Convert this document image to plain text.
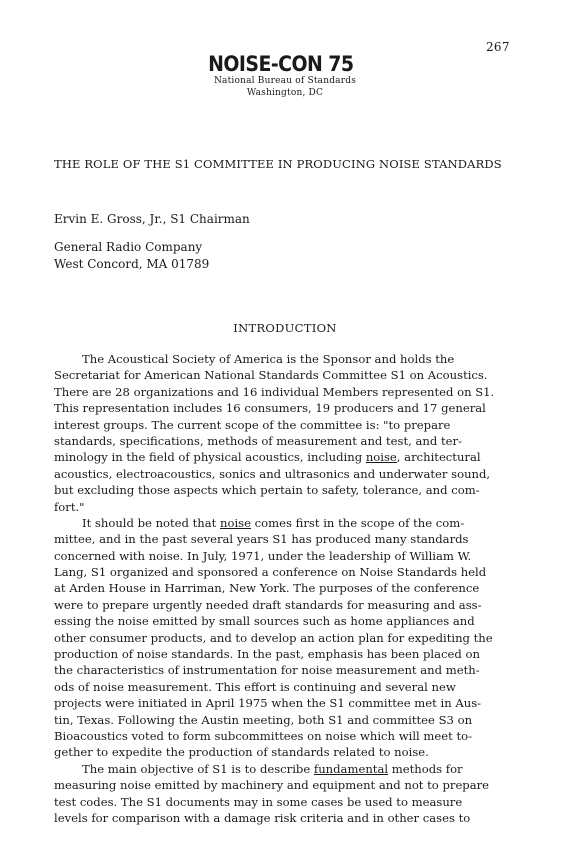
267
NOISE-CON 75
National Bureau of Standards
Washington, DC
THE ROLE OF THE S1 COMMITTEE IN PRODUCING NOISE STANDARDS
Ervin E. Gross, Jr., S1 Chairman
General Radio Company
West Concord, MA 01789
INTRODUCTION
The Acoustical Society of America is the Sponsor and holds the
Secretariat for American National Standards Committee S1 on Acoustics.
There are 28 organizations and 16 individual Members represented on S1.
This representation includes 16 consumers, 19 producers and 17 general
interest groups. The current scope of the committee is: "to prepare
standards, specifications, methods of measurement and test, and ter-
minology in the field of physical acoustics, including noise, architectural
acoustics, electroacoustics, sonics and ultrasonics and underwater sound,
but excluding those aspects which pertain to safety, tolerance, and com-
fort."
It should be noted that noise comes first in the scope of the com-
mittee, and in the past several years S1 has produced many standards
concerned with noise. In July, 1971, under the leadership of William W.
Lang, S1 organized and sponsored a conference on Noise Standards held
at Arden House in Harriman, New York. The purposes of the conference
were to prepare urgently needed draft standards for measuring and ass-
essing the noise emitted by small sources such as home appliances and
other consumer products, and to develop an action plan for expediting the
production of noise standards. In the past, emphasis has been placed on
the characteristics of instrumentation for noise measurement and meth-
ods of noise measurement. This effort is continuing and several new
projects were initiated in April 1975 when the S1 committee met in Aus-
tin, Texas. Following the Austin meeting, both S1 and committee S3 on
Bioacoustics voted to form subcommittees on noise which will meet to-
gether to expedite the production of standards related to noise.
The main objective of S1 is to describe fundamental methods for
measuring noise emitted by machinery and equipment and not to prepare
test codes. The S1 documents may in some cases be used to measure
levels for comparison with a damage risk criteria and in other cases to
